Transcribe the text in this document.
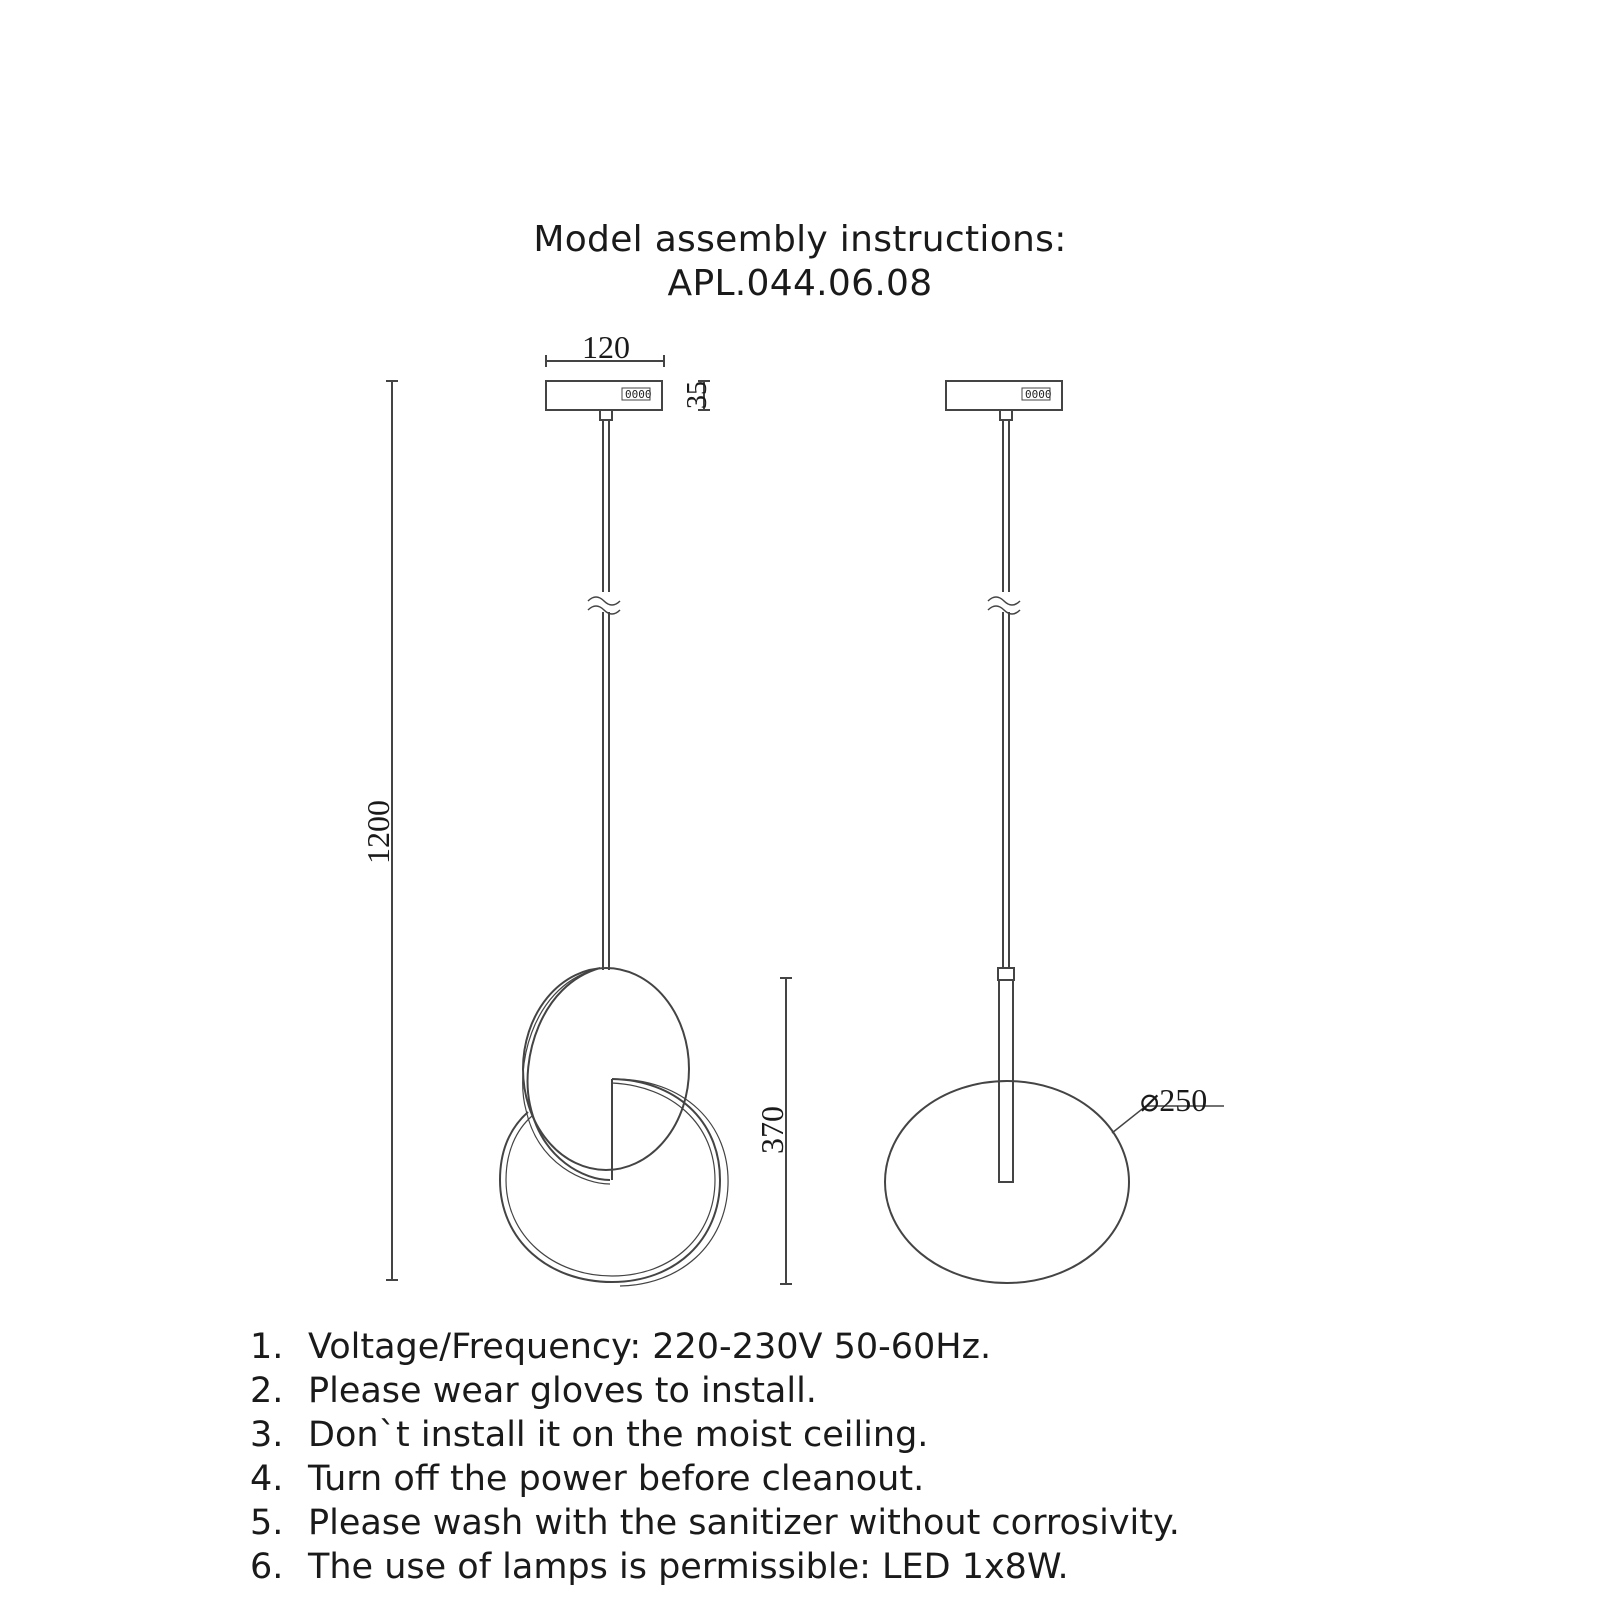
Model assembly instructions:
APL.044.06.08
0000	0000
120
35
1200
370
⌀250
1. Voltage/Frequency: 220-230V 50-60Hz.
2. Please wear gloves to install.
3. Don`t install it on the moist ceiling.
4. Turn off the power before cleanout.
5. Please wash with the sanitizer without corrosivity.
6. The use of lamps is permissible: LED 1x8W.
